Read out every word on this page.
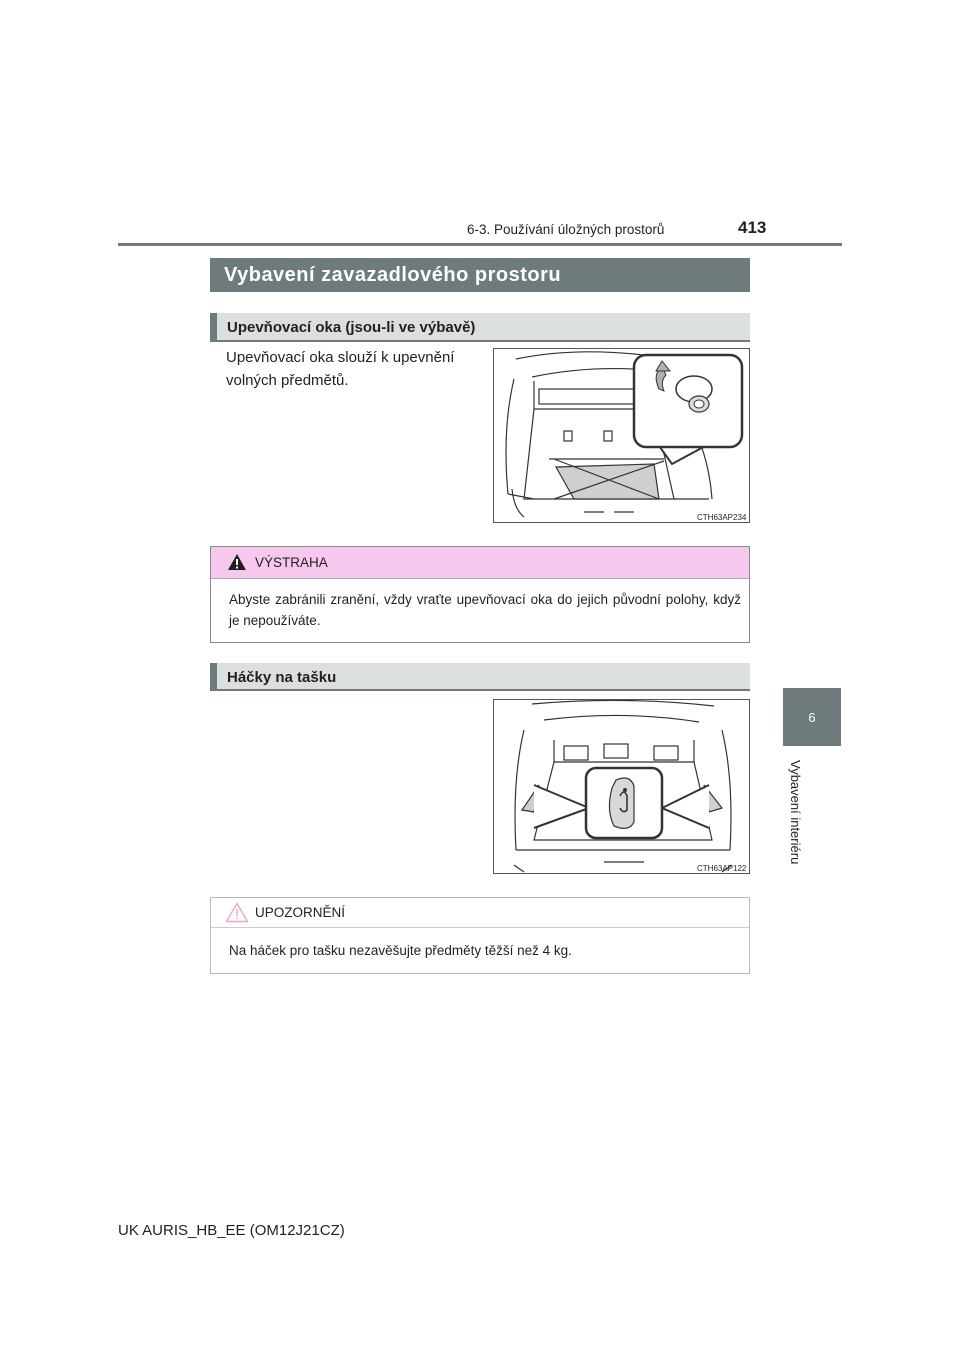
6-3. Používání úložných prostorů	413
6
Vybavení interiéru
Vybavení zavazadlového prostoru
Upevňovací oka (jsou-li ve výbavě)
Upevňovací oka slouží k upevnění volných předmětů.
CTH63AP234
VÝSTRAHA
Abyste zabránili zranění, vždy vraťte upevňovací oka do jejich původní polohy, když je nepoužíváte.
Háčky na tašku
CTH63AP122
UPOZORNĚNÍ
Na háček pro tašku nezavěšujte předměty těžší než 4 kg.
UK AURIS_HB_EE (OM12J21CZ)
